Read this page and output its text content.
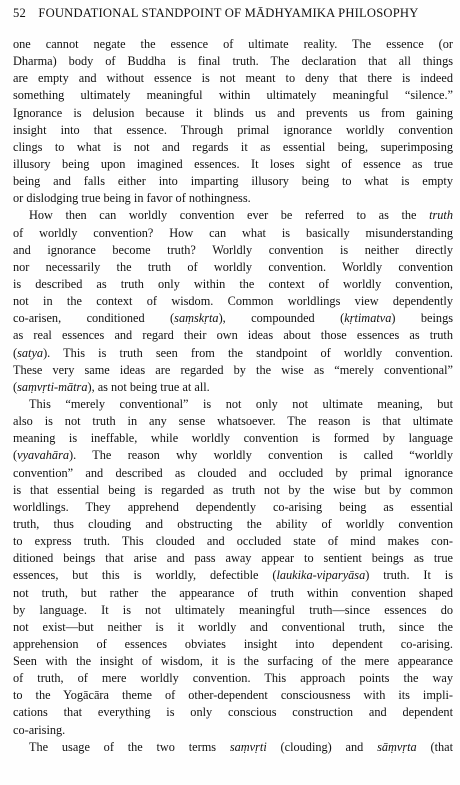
52 FOUNDATIONAL STANDPOINT OF MĀDHYAMIKA PHILOSOPHY
one cannot negate the essence of ultimate reality. The essence (or
Dharma) body of Buddha is final truth. The declaration that all things
are empty and without essence is not meant to deny that there is indeed
something ultimately meaningful within ultimately meaningful “silence.”
Ignorance is delusion because it blinds us and prevents us from gaining
insight into that essence. Through primal ignorance worldly convention
clings to what is not and regards it as essential being, superimposing
illusory being upon imagined essences. It loses sight of essence as true
being and falls either into imparting illusory being to what is empty
or dislodging true being in favor of nothingness.
How then can worldly convention ever be referred to as the truth
of worldly convention? How can what is basically misunderstanding
and ignorance become truth? Worldly convention is neither directly
nor necessarily the truth of worldly convention. Worldly convention
is described as truth only within the context of worldly convention,
not in the context of wisdom. Common worldlings view dependently
co-arisen, conditioned (saṃskṛta), compounded (kṛtimatva) beings
as real essences and regard their own ideas about those essences as truth
(satya). This is truth seen from the standpoint of worldly convention.
These very same ideas are regarded by the wise as “merely conventional”
(saṃvṛti-mātra), as not being true at all.
This “merely conventional” is not only not ultimate meaning, but
also is not truth in any sense whatsoever. The reason is that ultimate
meaning is ineffable, while worldly convention is formed by language
(vyavahāra). The reason why worldly convention is called “worldly
convention” and described as clouded and occluded by primal ignorance
is that essential being is regarded as truth not by the wise but by common
worldlings. They apprehend dependently co-arising being as essential
truth, thus clouding and obstructing the ability of worldly convention
to express truth. This clouded and occluded state of mind makes con-
ditioned beings that arise and pass away appear to sentient beings as true
essences, but this is worldly, defectible (laukika-viparyāsa) truth. It is
not truth, but rather the appearance of truth within convention shaped
by language. It is not ultimately meaningful truth—since essences do
not exist—but neither is it worldly and conventional truth, since the
apprehension of essences obviates insight into dependent co-arising.
Seen with the insight of wisdom, it is the surfacing of the mere appearance
of truth, of mere worldly convention. This approach points the way
to the Yogācāra theme of other-dependent consciousness with its impli-
cations that everything is only conscious construction and dependent
co-arising.
The usage of the two terms saṃvṛti (clouding) and sāṃvṛta (that
